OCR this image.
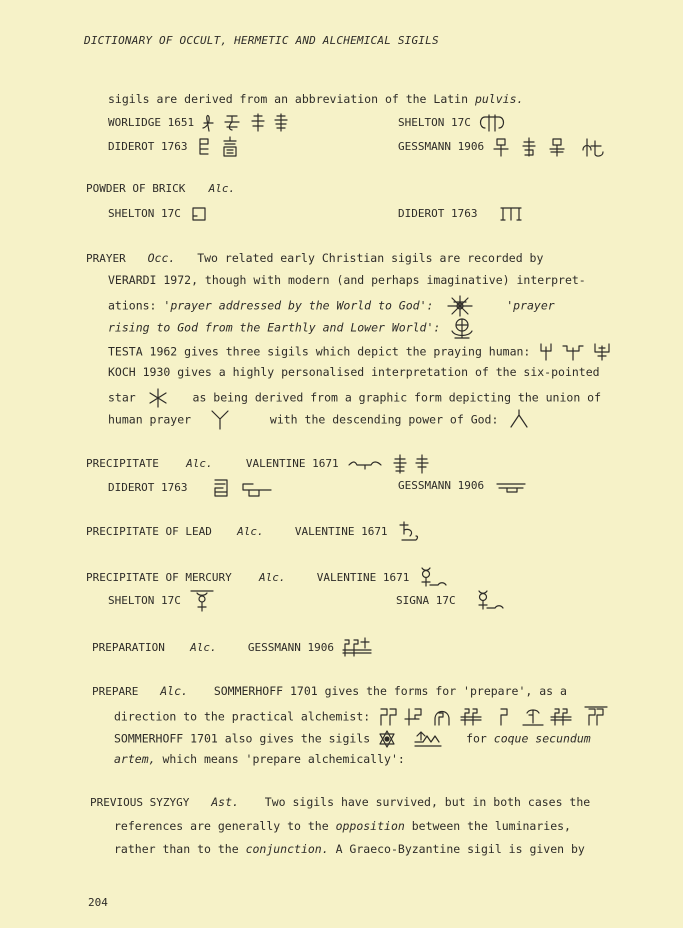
DICTIONARY OF OCCULT, HERMETIC AND ALCHEMICAL SIGILS
sigils are derived from an abbreviation of the Latin pulvis.
WORLIDGE 1651	SHELTON 17C
DIDEROT 1763	GESSMANN 1906
POWDER OF BRICK Alc.
SHELTON 17C	DIDEROT 1763
PRAYER Occ. Two related early Christian sigils are recorded by
VERARDI 1972, though with modern (and perhaps imaginative) interpret-
ations: 'prayer addressed by the World to God':	'prayer
rising to God from the Earthly and Lower World':
TESTA 1962 gives three sigils which depict the praying human:
KOCH 1930 gives a highly personalised interpretation of the six-pointed
star	as being derived from a graphic form depicting the union of
human prayer	with the descending power of God:
PRECIPITATE Alc.	VALENTINE 1671
DIDEROT 1763	GESSMANN 1906
PRECIPITATE OF LEAD Alc.	VALENTINE 1671
PRECIPITATE OF MERCURY Alc.	VALENTINE 1671
SHELTON 17C	SIGNA 17C
PREPARATION Alc.	GESSMANN 1906
PREPARE Alc. SOMMERHOFF 1701 gives the forms for 'prepare', as a
direction to the practical alchemist:
SOMMERHOFF 1701 also gives the sigils	for coque secundum
artem, which means 'prepare alchemically':
PREVIOUS SYZYGY Ast. Two sigils have survived, but in both cases the
references are generally to the opposition between the luminaries,
rather than to the conjunction. A Graeco-Byzantine sigil is given by
204
